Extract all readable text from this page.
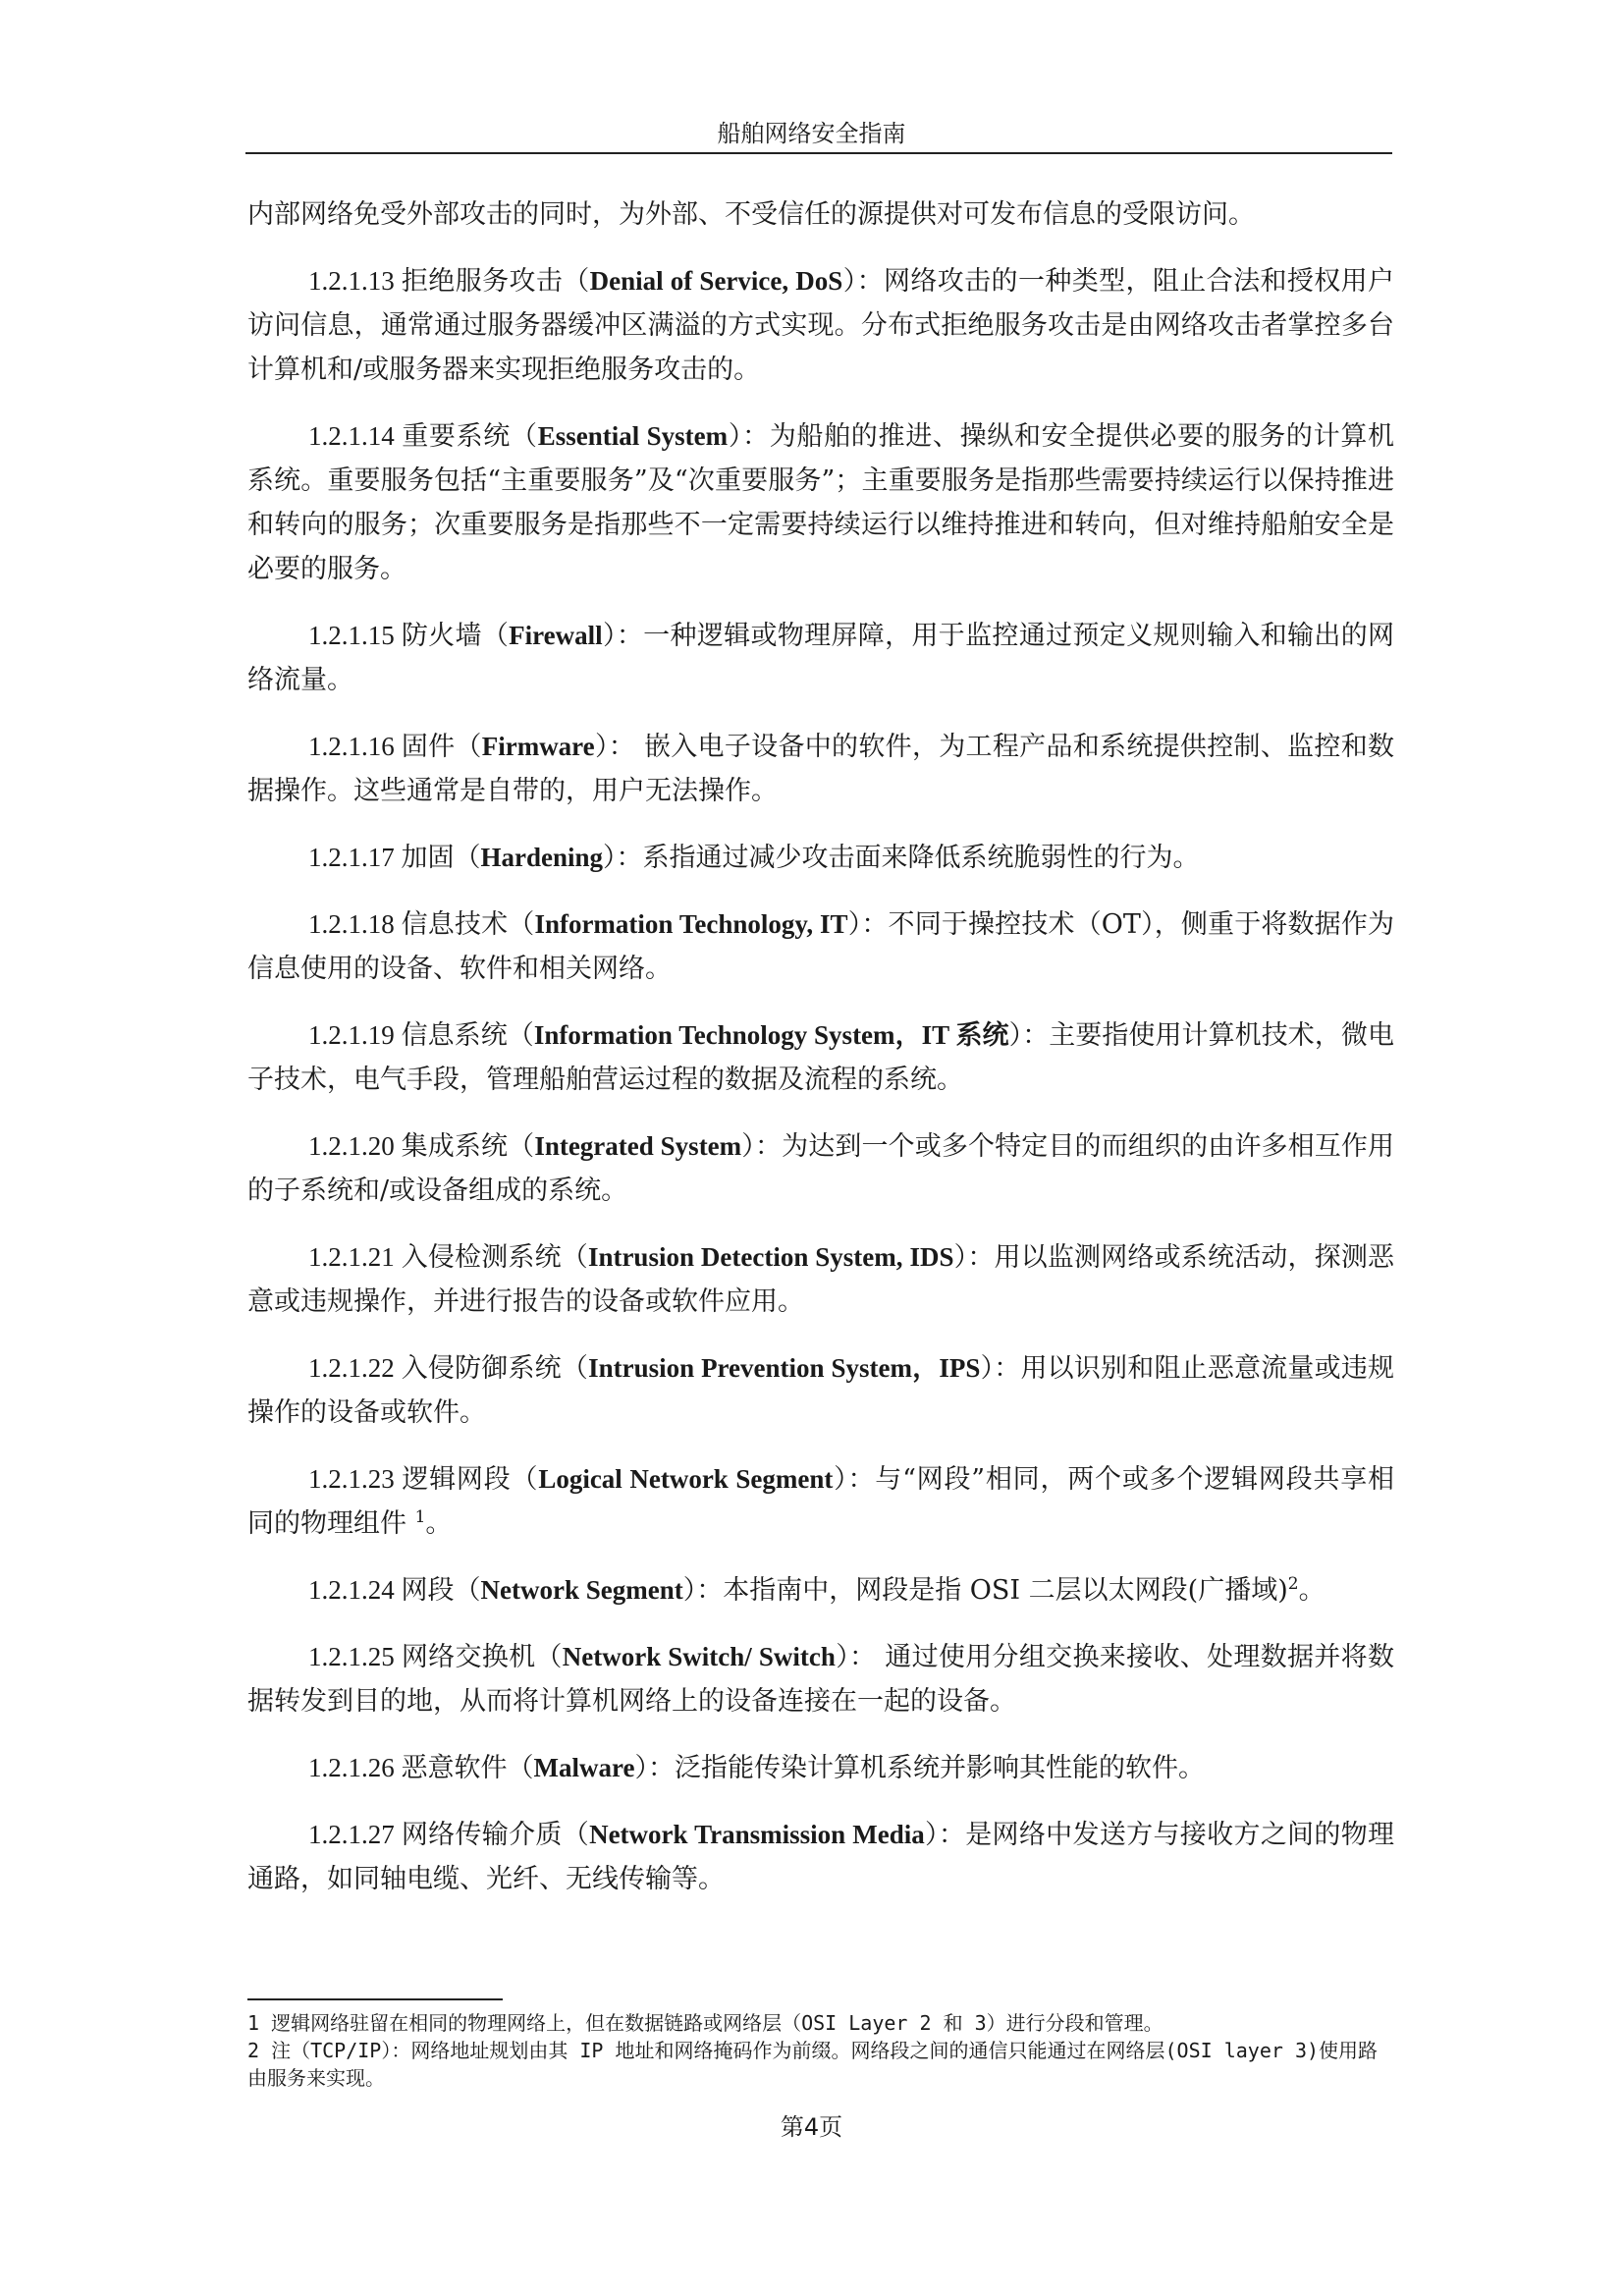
船舶网络安全指南

内部网络免受外部攻击的同时，为外部、不受信任的源提供对可发布信息的受限访问。

1.2.1.13 拒绝服务攻击（Denial of Service, DoS）：网络攻击的一种类型，阻止合法和授权用户访问信息，通常通过服务器缓冲区满溢的方式实现。分布式拒绝服务攻击是由网络攻击者掌控多台计算机和/或服务器来实现拒绝服务攻击的。

1.2.1.14 重要系统（Essential System）：为船舶的推进、操纵和安全提供必要的服务的计算机系统。重要服务包括“主重要服务”及“次重要服务”；主重要服务是指那些需要持续运行以保持推进和转向的服务；次重要服务是指那些不一定需要持续运行以维持推进和转向，但对维持船舶安全是必要的服务。

1.2.1.15 防火墙（Firewall）：一种逻辑或物理屏障，用于监控通过预定义规则输入和输出的网络流量。

1.2.1.16 固件（Firmware）： 嵌入电子设备中的软件，为工程产品和系统提供控制、监控和数据操作。这些通常是自带的，用户无法操作。

1.2.1.17 加固（Hardening）：系指通过减少攻击面来降低系统脆弱性的行为。

1.2.1.18 信息技术（Information Technology, IT）：不同于操控技术（OT），侧重于将数据作为信息使用的设备、软件和相关网络。

1.2.1.19 信息系统（Information Technology System，IT 系统）：主要指使用计算机技术，微电子技术，电气手段，管理船舶营运过程的数据及流程的系统。

1.2.1.20 集成系统（Integrated System）：为达到一个或多个特定目的而组织的由许多相互作用的子系统和/或设备组成的系统。

1.2.1.21 入侵检测系统（Intrusion Detection System, IDS）：用以监测网络或系统活动，探测恶意或违规操作，并进行报告的设备或软件应用。

1.2.1.22 入侵防御系统（Intrusion Prevention System，IPS）：用以识别和阻止恶意流量或违规操作的设备或软件。

1.2.1.23 逻辑网段（Logical Network Segment）：与“网段”相同，两个或多个逻辑网段共享相同的物理组件 $^1$。

1.2.1.24 网段（Network Segment）：本指南中，网段是指 OSI 二层以太网段(广播域)$^2$。

1.2.1.25 网络交换机（Network Switch/ Switch）： 通过使用分组交换来接收、处理数据并将数据转发到目的地，从而将计算机网络上的设备连接在一起的设备。

1.2.1.26 恶意软件（Malware）：泛指能传染计算机系统并影响其性能的软件。

1.2.1.27 网络传输介质（Network Transmission Media）：是网络中发送方与接收方之间的物理通路，如同轴电缆、光纤、无线传输等。

1 逻辑网络驻留在相同的物理网络上，但在数据链路或网络层（OSI Layer 2 和 3）进行分段和管理。

2 注（TCP/IP）：网络地址规划由其 IP 地址和网络掩码作为前缀。网络段之间的通信只能通过在网络层(OSI layer 3)使用路由服务来实现。

第4页
